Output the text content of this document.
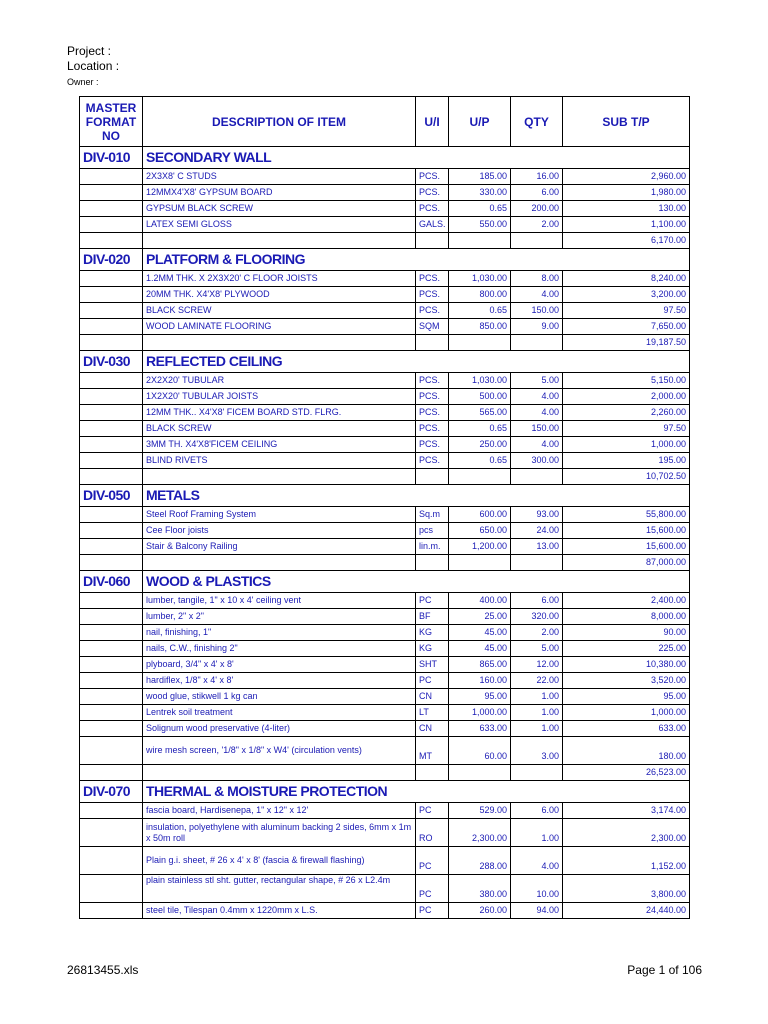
Project :
Location :
Owner :
MASTER FORMAT NO	DESCRIPTION OF ITEM	U/I	U/P	QTY	SUB T/P
DIV-010	SECONDARY WALL				
	2X3X8' C STUDS	PCS.	185.00	16.00	2,960.00
	12MMX4'X8' GYPSUM BOARD	PCS.	330.00	6.00	1,980.00
	GYPSUM BLACK SCREW	PCS.	0.65	200.00	130.00
	LATEX SEMI GLOSS	GALS.	550.00	2.00	1,100.00
					6,170.00
DIV-020	PLATFORM & FLOORING				
	1.2MM THK. X 2X3X20' C FLOOR JOISTS	PCS.	1,030.00	8.00	8,240.00
	20MM THK. X4'X8' PLYWOOD	PCS.	800.00	4.00	3,200.00
	BLACK SCREW	PCS.	0.65	150.00	97.50
	WOOD LAMINATE FLOORING	SQM	850.00	9.00	7,650.00
					19,187.50
DIV-030	REFLECTED CEILING				
	2X2X20' TUBULAR	PCS.	1,030.00	5.00	5,150.00
	1X2X20' TUBULAR JOISTS	PCS.	500.00	4.00	2,000.00
	12MM THK.. X4'X8' FICEM BOARD STD. FLRG.	PCS.	565.00	4.00	2,260.00
	BLACK SCREW	PCS.	0.65	150.00	97.50
	3MM TH. X4'X8'FICEM CEILING	PCS.	250.00	4.00	1,000.00
	BLIND RIVETS	PCS.	0.65	300.00	195.00
					10,702.50
DIV-050	METALS				
	Steel Roof Framing System	Sq.m	600.00	93.00	55,800.00
	Cee Floor joists	pcs	650.00	24.00	15,600.00
	Stair & Balcony Railing	lin.m.	1,200.00	13.00	15,600.00
					87,000.00
DIV-060	WOOD & PLASTICS				
	lumber, tangile, 1" x 10 x 4' ceiling vent	PC	400.00	6.00	2,400.00
	lumber, 2" x 2"	BF	25.00	320.00	8,000.00
	nail, finishing, 1"	KG	45.00	2.00	90.00
	nails, C.W., finishing 2"	KG	45.00	5.00	225.00
	plyboard, 3/4" x 4' x 8'	SHT	865.00	12.00	10,380.00
	hardiflex, 1/8" x 4' x 8'	PC	160.00	22.00	3,520.00
	wood glue, stikwell 1 kg can	CN	95.00	1.00	95.00
	Lentrek soil treatment	LT	1,000.00	1.00	1,000.00
	Solignum wood preservative (4-liter)	CN	633.00	1.00	633.00
	wire mesh screen, '1/8" x 1/8" x W4' (circulation vents)	MT	60.00	3.00	180.00
					26,523.00
DIV-070	THERMAL & MOISTURE PROTECTION				
	fascia board, Hardisenepa, 1" x 12" x 12'	PC	529.00	6.00	3,174.00
	insulation, polyethylene with aluminum backing 2 sides, 6mm x 1m x 50m roll	RO	2,300.00	1.00	2,300.00
	Plain g.i. sheet, # 26 x 4' x 8' (fascia & firewall flashing)	PC	288.00	4.00	1,152.00
	plain stainless stl sht. gutter, rectangular shape, # 26 x L2.4m	PC	380.00	10.00	3,800.00
	steel tile, Tilespan 0.4mm x 1220mm x L.S.	PC	260.00	94.00	24,440.00
26813455.xls	Page 1 of 106
